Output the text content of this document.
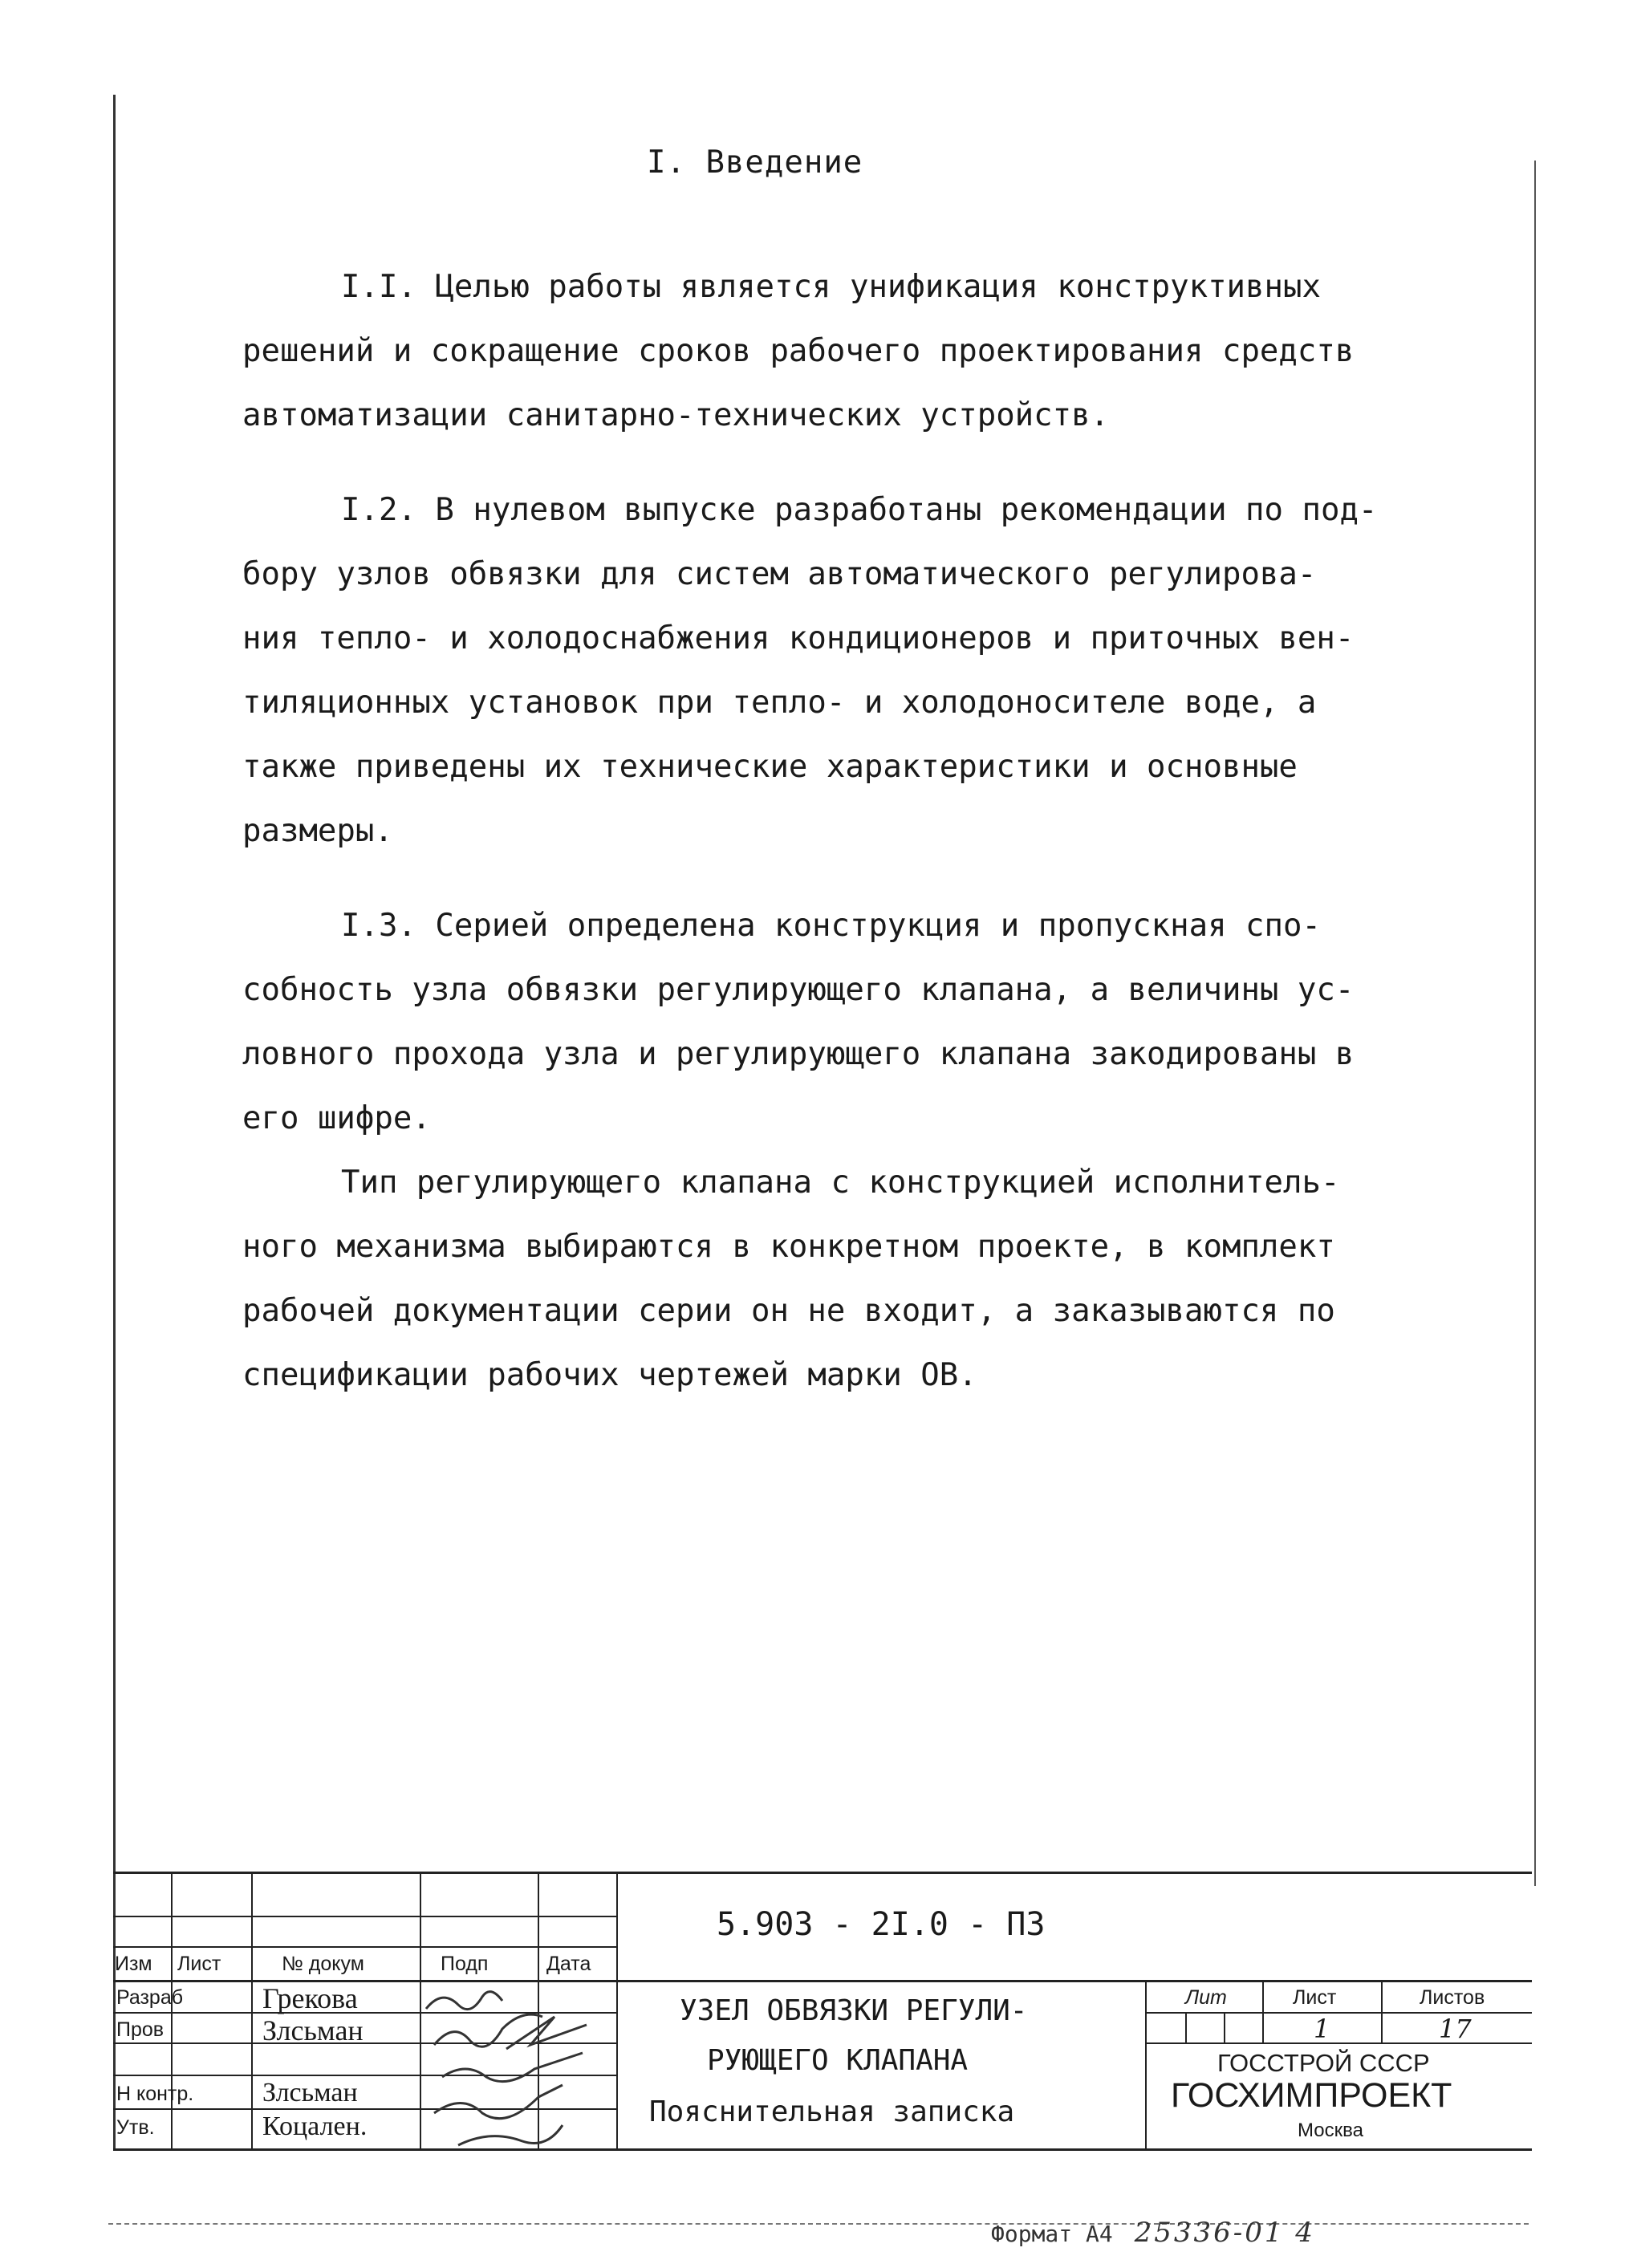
I. Введение

I.I. Целью работы является унификация конструктивных
решений и сокращение сроков рабочего проектирования средств
автоматизации санитарно-технических устройств.

I.2. В нулевом выпуске разработаны рекомендации по под-
бору узлов обвязки для систем автоматического регулирова-
ния тепло- и холодоснабжения кондиционеров и приточных вен-
тиляционных установок при тепло- и холодоносителе воде, а
также приведены их технические характеристики и основные
размеры.

I.3. Серией определена конструкция и пропускная спо-
собность узла обвязки регулирующего клапана, а величины ус-
ловного прохода узла и регулирующего клапана закодированы в
его шифре.

Тип регулирующего клапана с конструкцией исполнитель-
ного механизма выбираются в конкретном проекте, в комплект
рабочей документации серии он не входит, а заказываются по
спецификации рабочих чертежей марки ОВ.

5.903 - 2I.0 - ПЗ
Изм Лист	№ докум	Подп	Дата
Разраб	Грекова
Пров	Злсьман
Н контр.	Злсьман
Утв.	Коцален.
УЗЕЛ ОБВЯЗКИ РЕГУЛИ-
РУЮЩЕГО КЛАПАНА
Пояснительная записка
Лит	Лист	Листов
1	17
ГОССТРОЙ СССР
ГОСХИМПРОЕКТ
Москва
Формат А4 25336-01 4
